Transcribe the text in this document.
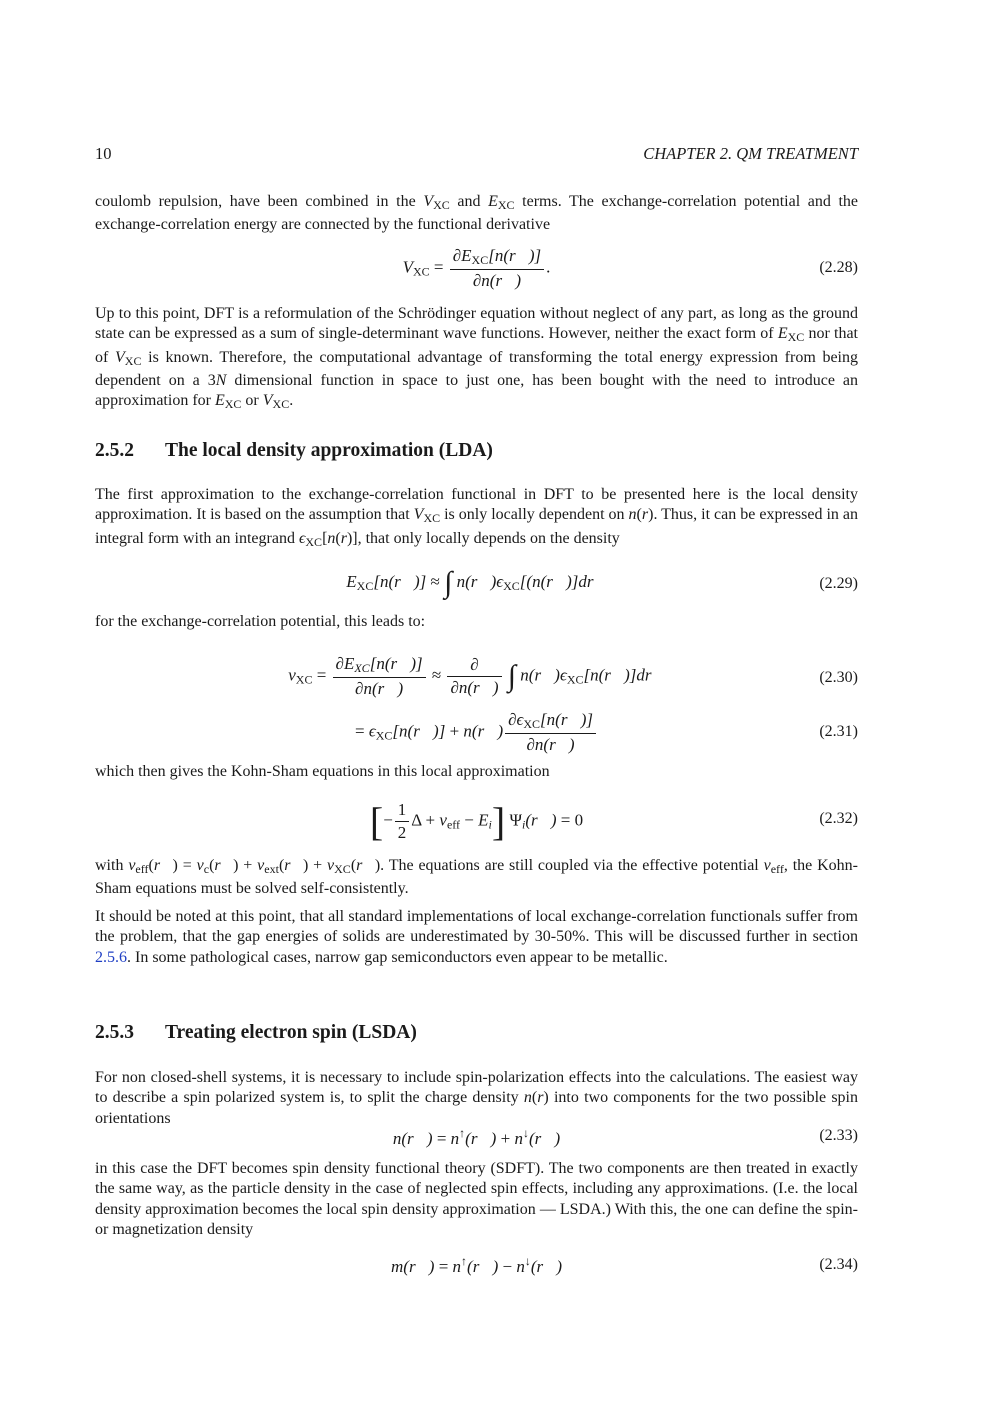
10	CHAPTER 2. QM TREATMENT

coulomb repulsion, have been combined in the VXC and EXC terms. The exchange-correlation potential and the exchange-correlation energy are connected by the functional derivative

$V_{XC} = \frac{\partial E_{XC}[n(r⃗)]}{\partial n(r⃗)}$ .	(2.28)

Up to this point, DFT is a reformulation of the Schrödinger equation without neglect of any part, as long as the ground state can be expressed as a sum of single-determinant wave functions. However, neither the exact form of $E_{XC}$ nor that of $V_{XC}$ is known. Therefore, the computational advantage of transforming the total energy expression from being dependent on a 3N dimensional function in space to just one, has been bought with the need to introduce an approximation for $E_{XC}$ or $V_{XC}$.

2.5.2 The local density approximation (LDA)

The first approximation to the exchange-correlation functional in DFT to be presented here is the local density approximation. It is based on the assumption that $V_{XC}$ is only locally dependent on n(r). Thus, it can be expressed in an integral form with an integrand ϵXC[n(r)], that only locally depends on the density

$E_{XC}[n(r⃗)]$ ≈ ∫ $n(r⃗)\epsilon_{XC}[(n(r⃗)]dr⃗$	(2.29)

for the exchange-correlation potential, this leads to:

$v_{XC} = \frac{\text{∂EXC[n(r⃗)]}}{\partial n(r⃗)} \approx \frac{\partial}{\partial n(r⃗)}$ ∫ $n(r⃗)\epsilon_{XC}[n(r⃗)]dr⃗$	(2.30)
= $\epsilon_{XC}[n(r⃗)]$ + n(r⃗) $\frac{\partial\epsilon_{XC}[n(r⃗)]}{\partial n(r⃗)}$	(2.31)

which then gives the Kohn-Sham equations in this local approximation

[− $\frac{1}{2}$ $\Delta + v_{eff} - Ei$] Ψi(r⃗) = 0	(2.32)

with $v_{eff}(r⃗)$ = $v_c(r⃗)$ + $v_{ext}(r⃗)$ + $v_{XC}(r⃗)$. The equations are still coupled via the effective potential $v_{eff}$, the Kohn-Sham equations must be solved self-consistently.

It should be noted at this point, that all standard implementations of local exchange-correlation functionals suffer from the problem, that the gap energies of solids are underestimated by 30-50%. This will be discussed further in section 2.5.6. In some pathological cases, narrow gap semiconductors even appear to be metallic.

2.5.3 Treating electron spin (LSDA)

For non closed-shell systems, it is necessary to include spin-polarization effects into the calculations. The easiest way to describe a spin polarized system is, to split the charge density n(r) into two components for the two possible spin orientations

n(r⃗) = n↑(r⃗) + n↓(r⃗)	(2.33)

in this case the DFT becomes spin density functional theory (SDFT). The two components are then treated in exactly the same way, as the particle density in the case of neglected spin effects, including any approximations. (I.e. the local density approximation becomes the local spin density approximation — LSDA.) With this, the one can define the spin- or magnetization density

m(r⃗) = n↑(r⃗) − n↓(r⃗)	(2.34)
